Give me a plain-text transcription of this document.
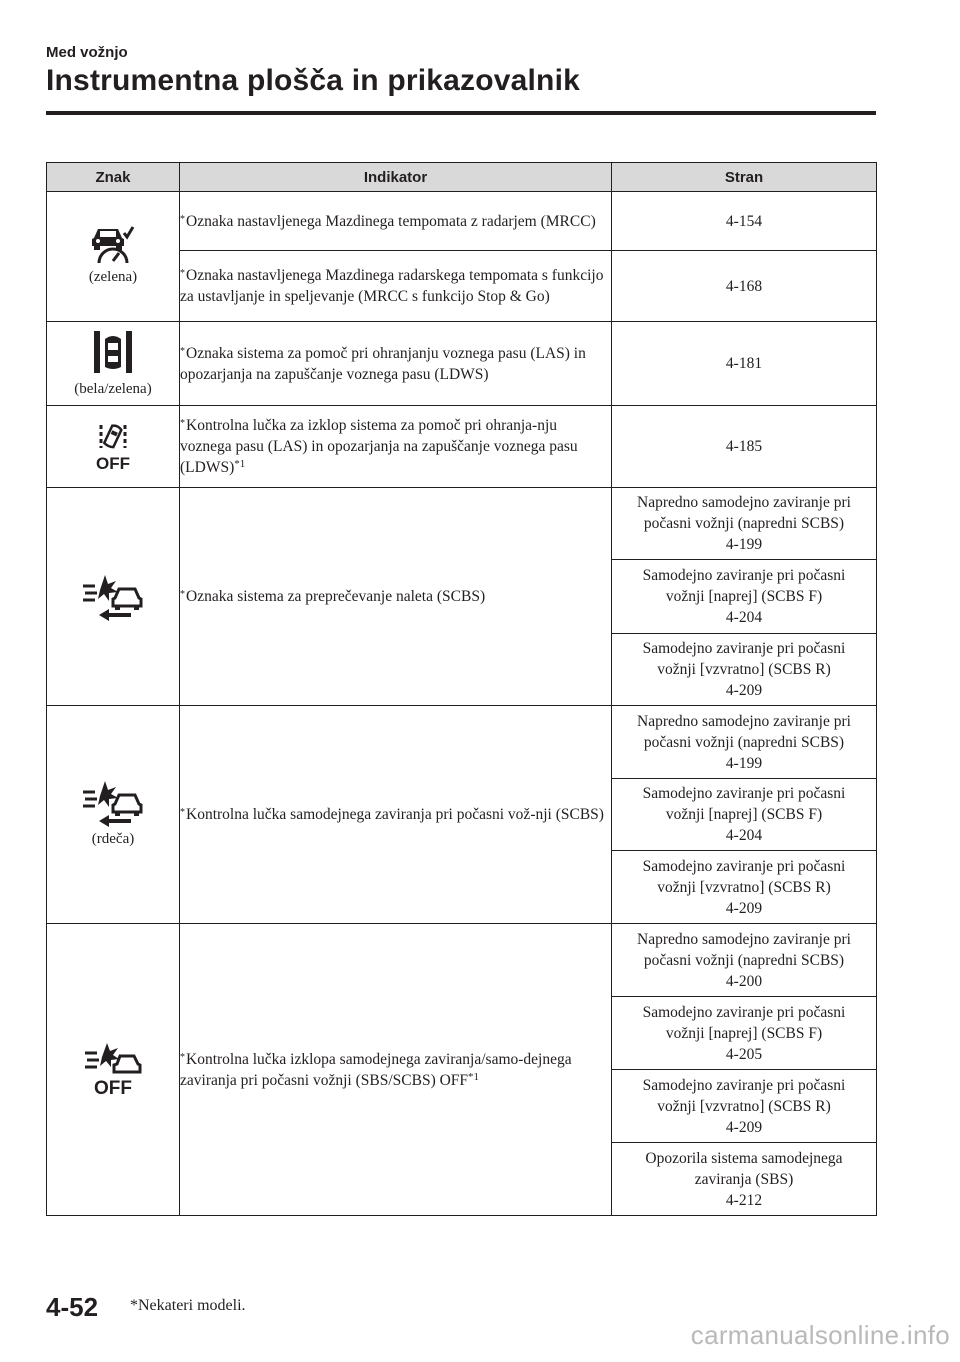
Med vožnjo
Instrumentna plošča in prikazovalnik
Znak	Indikator	Stran

(zelena)	*Oznaka nastavljenega Mazdinega tempomata z radarjem (MRCC)	4-154
	*Oznaka nastavljenega Mazdinega radarskega tempomata s funkcijo za ustavljanje in speljevanje (MRCC s funkcijo Stop & Go)	4-168

(bela/zelena)	*Oznaka sistema za pomoč pri ohranjanju voznega pasu (LAS) in opozarjanja na zapuščanje voznega pasu (LDWS)	4-181

OFF	*Kontrolna lučka za izklop sistema za pomoč pri ohranja-nju voznega pasu (LAS) in opozarjanja na zapuščanje voznega pasu (LDWS)$^{*1}$	4-185

	*Oznaka sistema za preprečevanje naleta (SCBS)	Napredno samodejno zaviranje pri
počasni vožnji (napredni SCBS)
4-199

		Samodejno zaviranje pri počasni
vožnji [naprej] (SCBS F)
4-204

		Samodejno zaviranje pri počasni
vožnji [vzvratno] (SCBS R)
4-209

(rdeča)	*Kontrolna lučka samodejnega zaviranja pri počasni vož-nji (SCBS)	Napredno samodejno zaviranje pri
počasni vožnji (napredni SCBS)
4-199

		Samodejno zaviranje pri počasni
vožnji [naprej] (SCBS F)
4-204

		Samodejno zaviranje pri počasni
vožnji [vzvratno] (SCBS R)
4-209

OFF	*Kontrolna lučka izklopa samodejnega zaviranja/samo-dejnega zaviranja pri počasni vožnji (SBS/SCBS) OFF$^{*1}$	Napredno samodejno zaviranje pri
počasni vožnji (napredni SCBS)
4-200

		Samodejno zaviranje pri počasni
vožnji [naprej] (SCBS F)
4-205

		Samodejno zaviranje pri počasni
vožnji [vzvratno] (SCBS R)
4-209

		Opozorila sistema samodejnega
zaviranja (SBS)
4-212
4-52 *Nekateri modeli.
carmanualsonline.info
